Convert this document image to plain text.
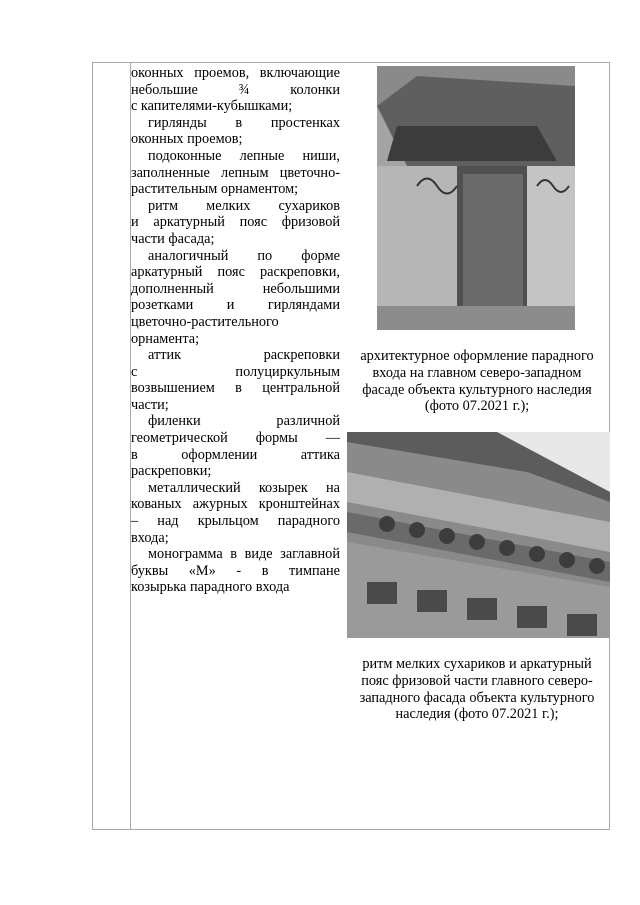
оконных проемов, включающие

небольшие ¾ колонки

с капителями-кубышками;

гирлянды в простенках

оконных проемов;

подоконные лепные ниши,

заполненные лепным цветочно-

растительным орнаментом;

ритм мелких сухариков

и аркатурный пояс фризовой

части фасада;

аналогичный по форме

аркатурный пояс раскреповки,

дополненный небольшими

розетками и гирляндами

цветочно-растительного

орнамента;

аттик раскреповки

с полуциркульным

возвышением в центральной

части;

филенки различной

геометрической формы —

в оформлении аттика

раскреповки;

металлический козырек на

кованых ажурных кронштейнах

– над крыльцом парадного

входа;

монограмма в виде заглавной

буквы «М» - в тимпане

козырька парадного входа

архитектурное оформление парадного
входа на главном северо-западном
фасаде объекта культурного наследия
(фото 07.2021 г.);
ритм мелких сухариков и аркатурный
пояс фризовой части главного северо-
западного фасада объекта культурного
наследия (фото 07.2021 г.);
